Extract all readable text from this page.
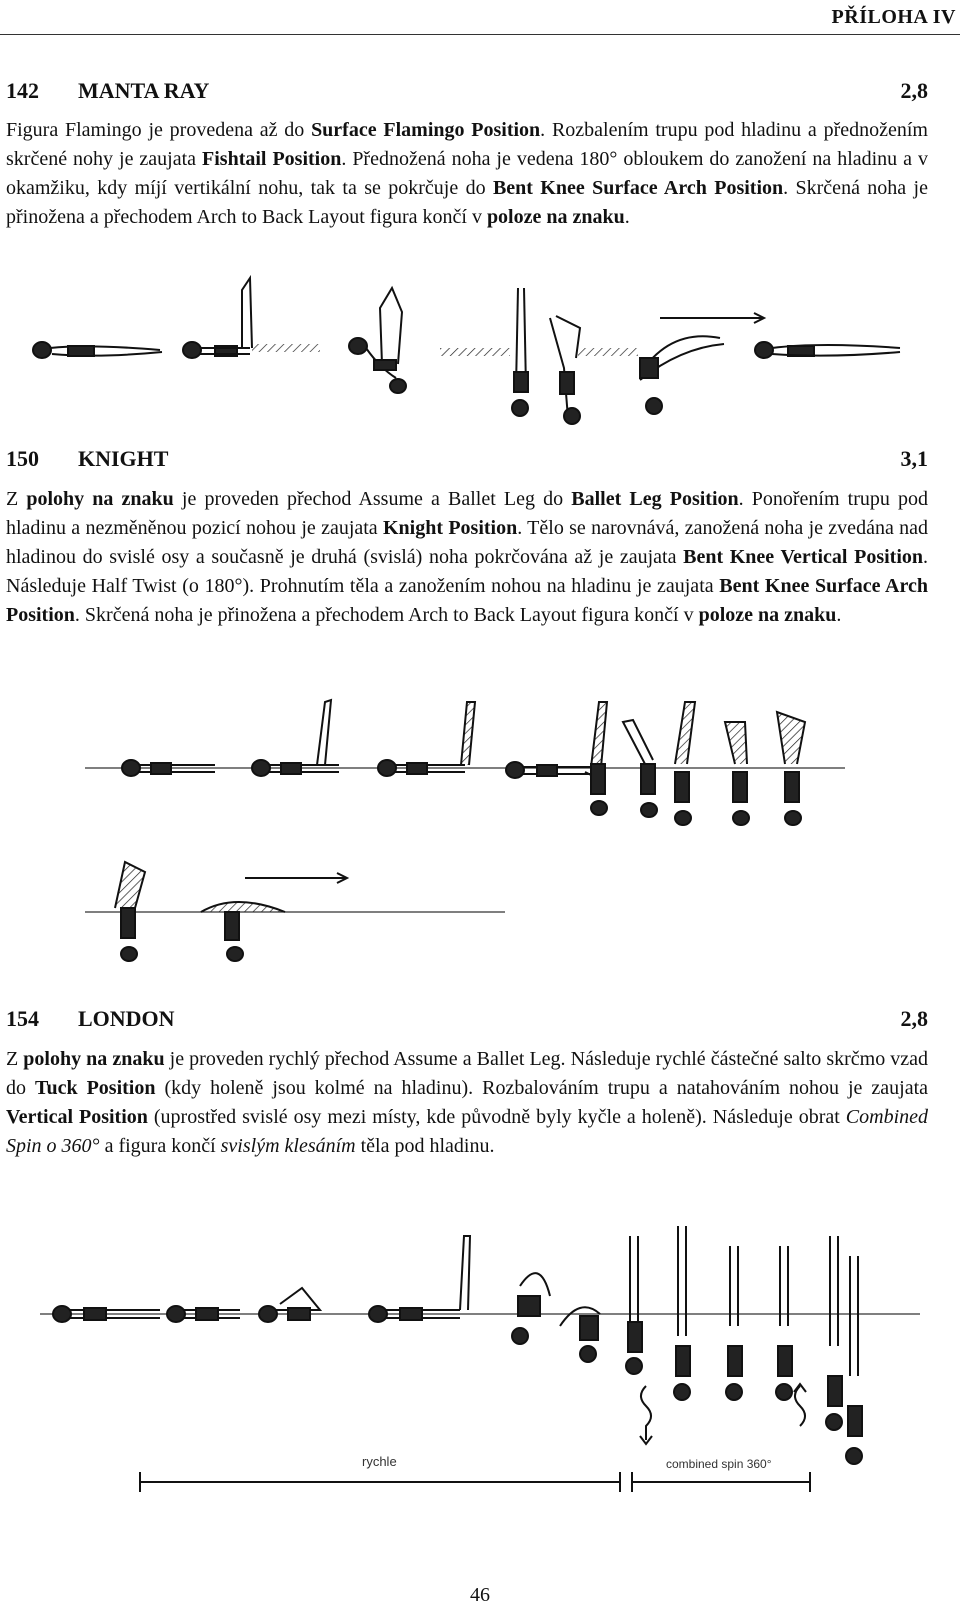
PŘÍLOHA IV
142 MANTA RAY	2,8
Figura Flamingo je provedena až do Surface Flamingo Position. Rozbalením trupu pod hladinu a přednožením skrčené nohy je zaujata Fishtail Position. Přednožená noha je vedena 180° obloukem do zanožení na hladinu a v okamžiku, kdy míjí vertikální nohu, tak ta se pokrčuje do Bent Knee Surface Arch Position. Skrčená noha je přinožena a přechodem Arch to Back Layout figura končí v poloze na znaku.
150 KNIGHT	3,1
Z polohy na znaku je proveden přechod Assume a Ballet Leg do Ballet Leg Position. Ponořením trupu pod hladinu a nezměněnou pozicí nohou je zaujata Knight Position. Tělo se narovnává, zanožená noha je zvedána nad hladinou do svislé osy a současně je druhá (svislá) noha pokrčována až je zaujata Bent Knee Vertical Position. Následuje Half Twist (o 180°). Prohnutím těla a zanožením nohou na hladinu je zaujata Bent Knee Surface Arch Position. Skrčená noha je přinožena a přechodem Arch to Back Layout figura končí v poloze na znaku.
154 LONDON	2,8
Z polohy na znaku je proveden rychlý přechod Assume a Ballet Leg. Následuje rychlé částečné salto skrčmo vzad do Tuck Position (kdy holeně jsou kolmé na hladinu). Rozbalováním trupu a natahováním nohou je zaujata Vertical Position (uprostřed svislé osy mezi místy, kde původně byly kyčle a holeně). Následuje obrat Combined Spin o 360° a figura končí svislým klesáním těla pod hladinu.
rychle	combined spin 360°
46
